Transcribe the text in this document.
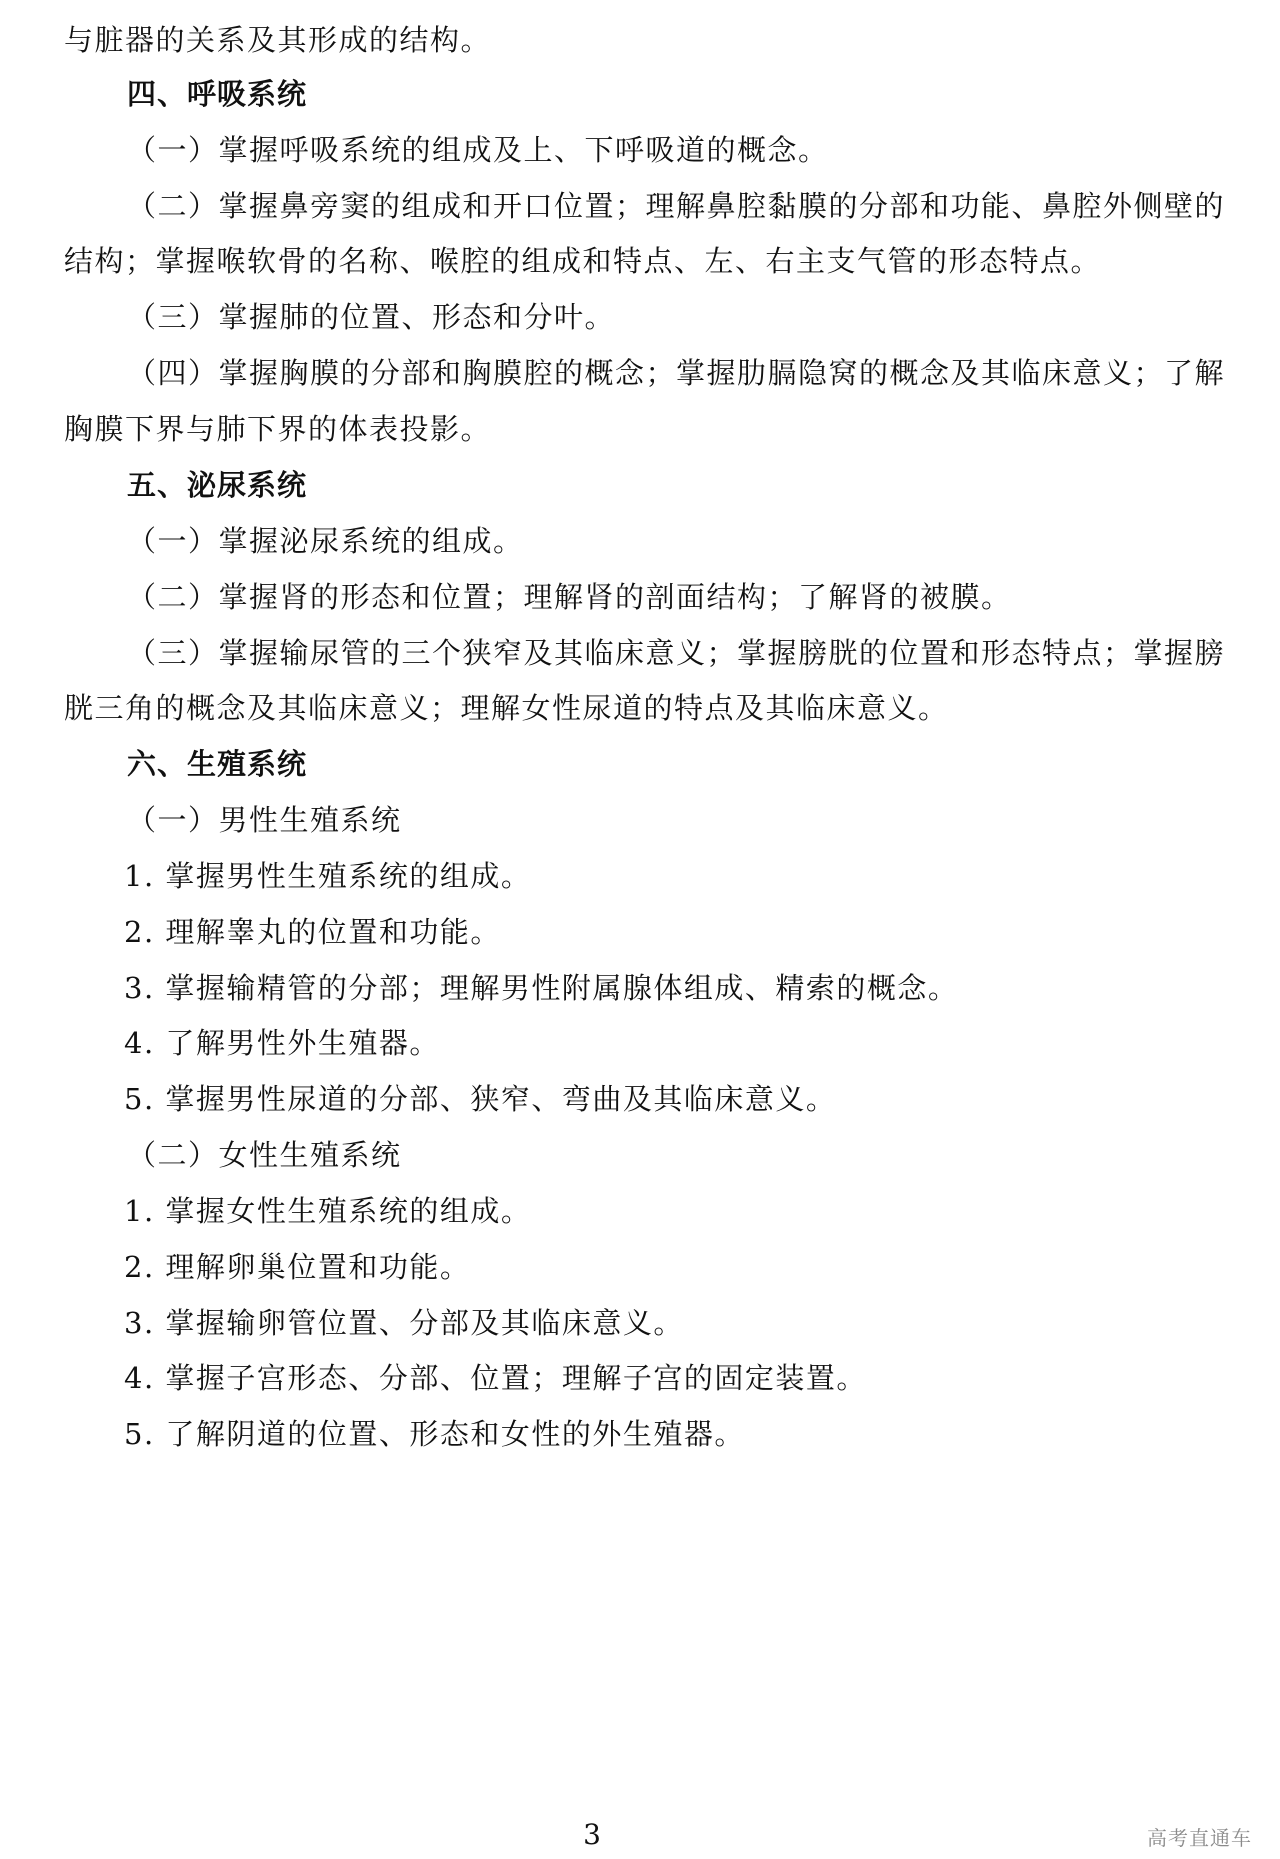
与脏器的关系及其形成的结构。
四、呼吸系统
（一）掌握呼吸系统的组成及上、下呼吸道的概念。
（二）掌握鼻旁窦的组成和开口位置；理解鼻腔黏膜的分部和功能、鼻腔外侧壁的
结构；掌握喉软骨的名称、喉腔的组成和特点、左、右主支气管的形态特点。
（三）掌握肺的位置、形态和分叶。
（四）掌握胸膜的分部和胸膜腔的概念；掌握肋膈隐窝的概念及其临床意义；了解
胸膜下界与肺下界的体表投影。
五、泌尿系统
（一）掌握泌尿系统的组成。
（二）掌握肾的形态和位置；理解肾的剖面结构；了解肾的被膜。
（三）掌握输尿管的三个狭窄及其临床意义；掌握膀胱的位置和形态特点；掌握膀
胱三角的概念及其临床意义；理解女性尿道的特点及其临床意义。
六、生殖系统
（一）男性生殖系统
1. 掌握男性生殖系统的组成。
2. 理解睾丸的位置和功能。
3. 掌握输精管的分部；理解男性附属腺体组成、精索的概念。
4. 了解男性外生殖器。
5. 掌握男性尿道的分部、狭窄、弯曲及其临床意义。
（二）女性生殖系统
1. 掌握女性生殖系统的组成。
2. 理解卵巢位置和功能。
3. 掌握输卵管位置、分部及其临床意义。
4. 掌握子宫形态、分部、位置；理解子宫的固定装置。
5. 了解阴道的位置、形态和女性的外生殖器。
3	高考直通车
